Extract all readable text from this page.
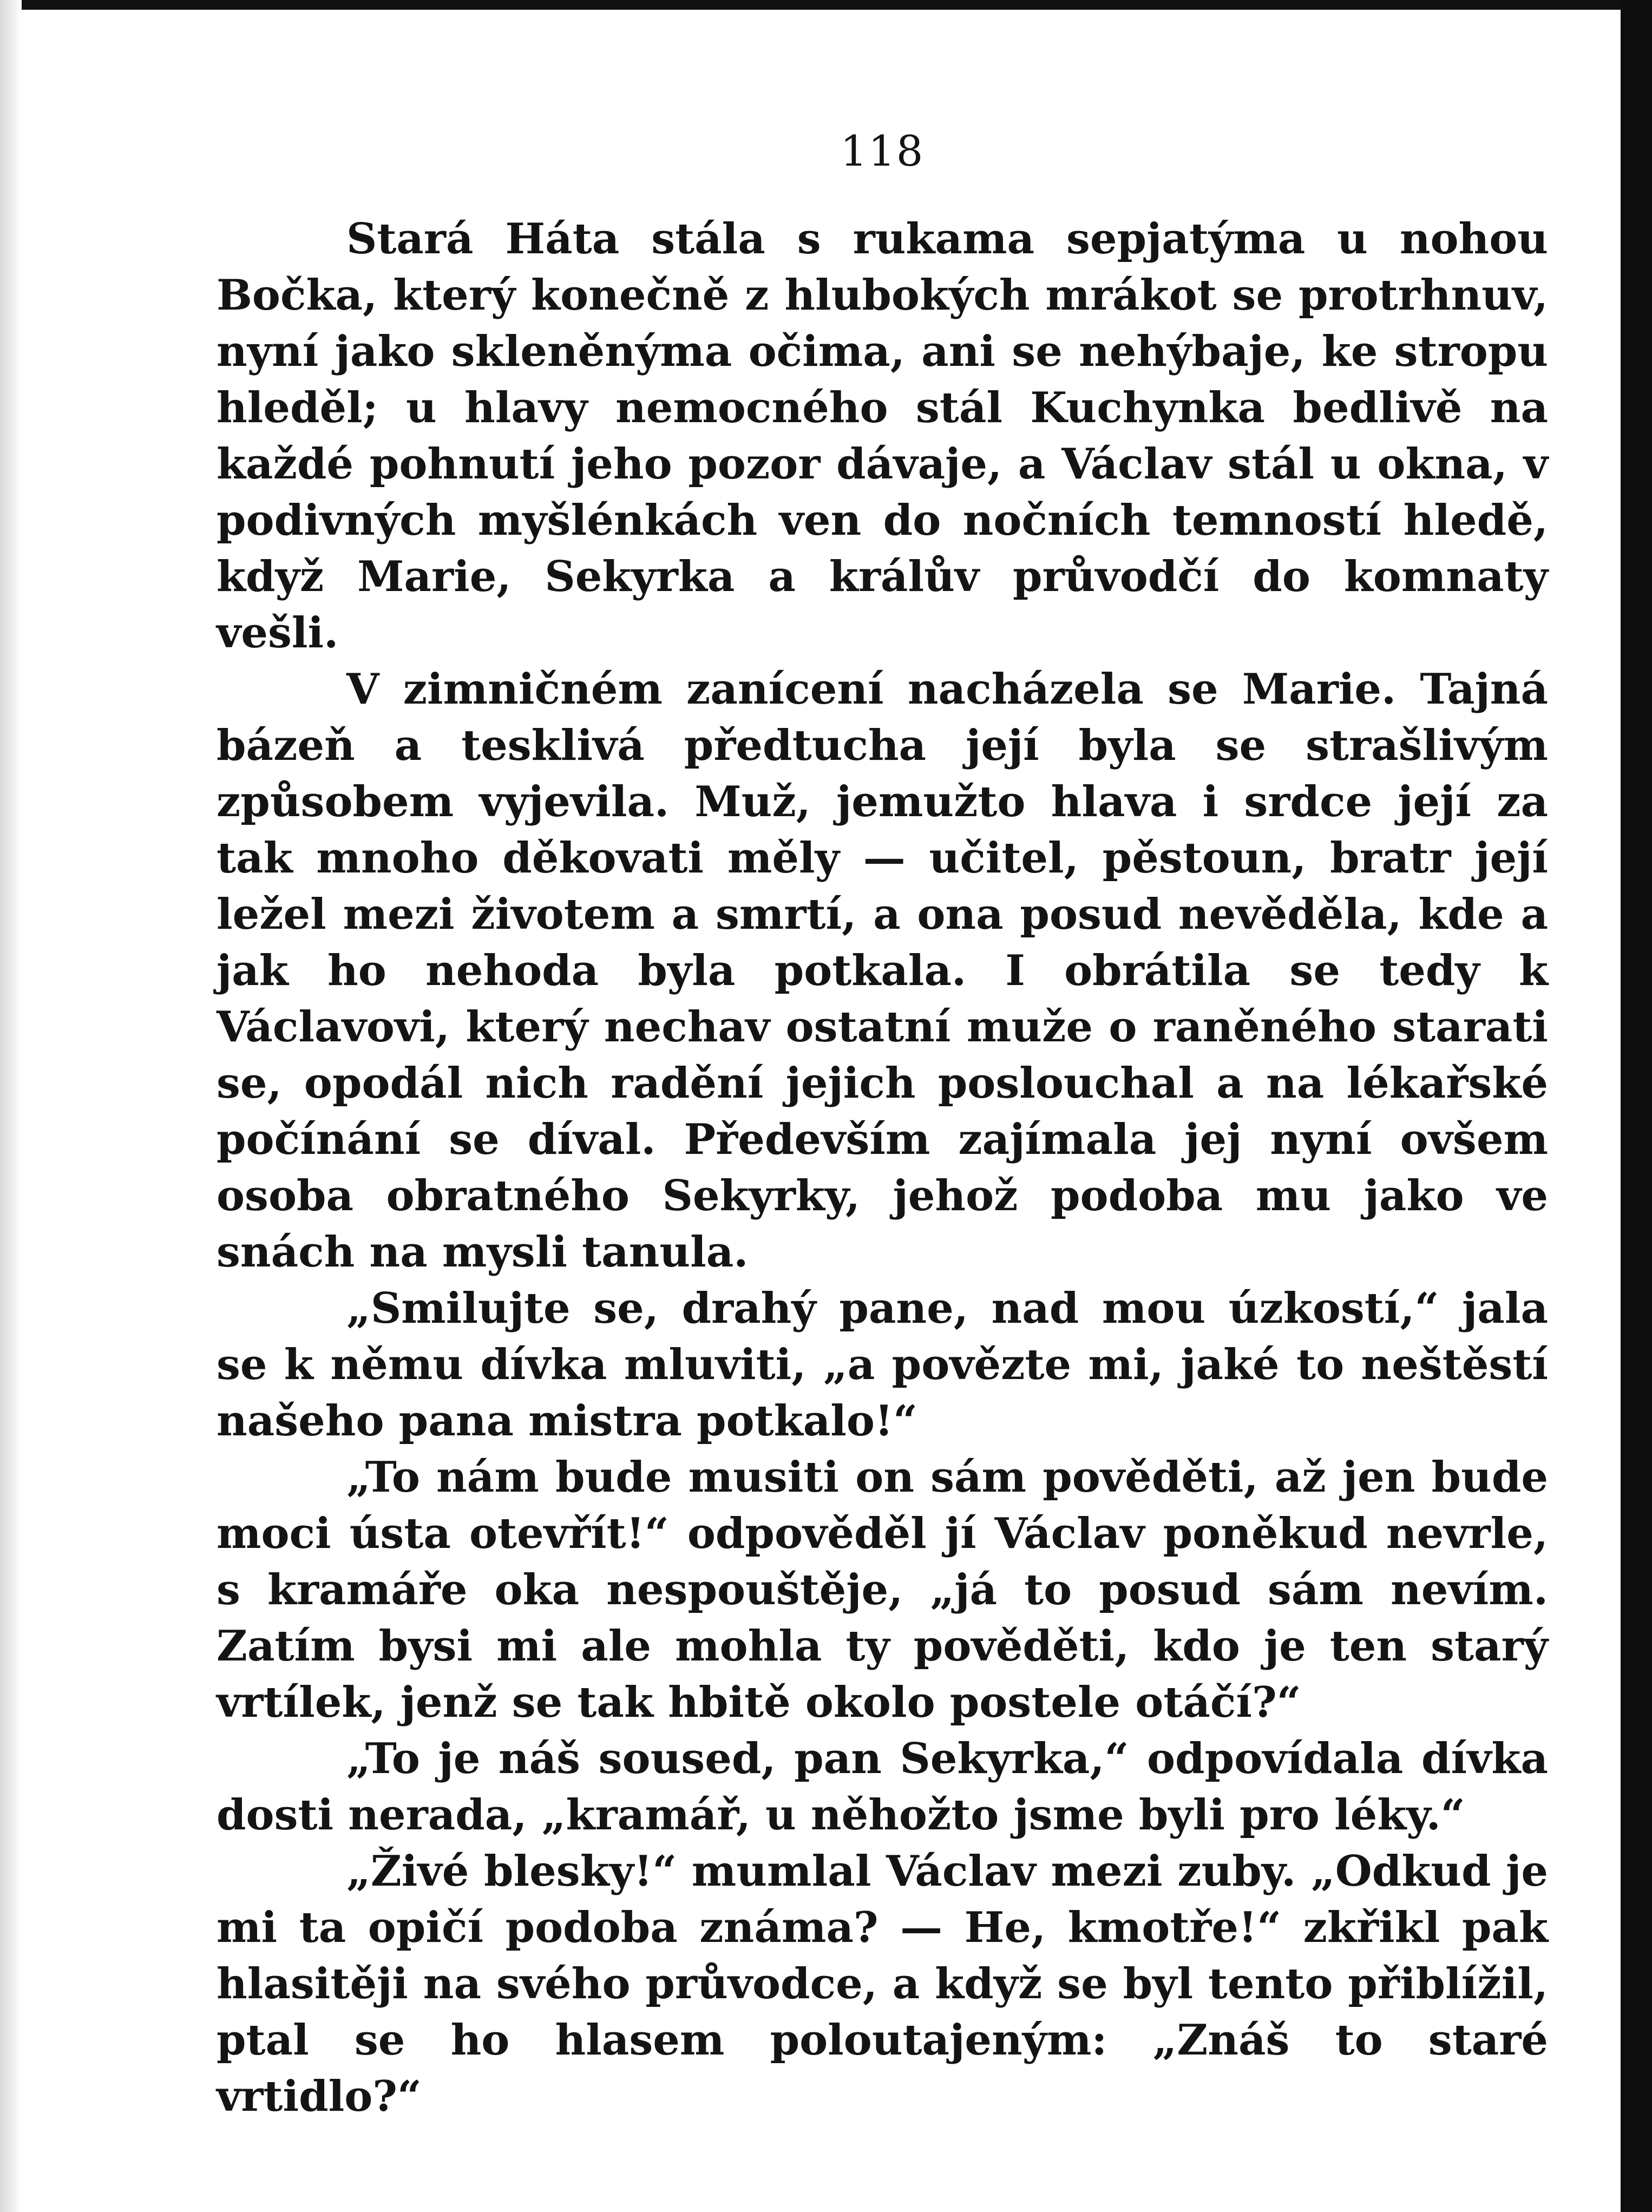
118

Stará Háta stála s rukama sepjatýma u nohou Bočka, který konečně z hlubokých mrákot se protrhnuv, nyní jako skleněnýma očima, ani se nehýbaje, ke stropu hleděl; u hlavy nemocného stál Kuchynka bedlivě na každé pohnutí jeho pozor dávaje, a Václav stál u okna, v podivných myšlénkách ven do nočních temností hledě, když Marie, Sekyrka a králův průvodčí do komnaty vešli.

V zimničném zanícení nacházela se Marie. Tajná bázeň a tesklivá předtucha její byla se strašlivým způsobem vyjevila. Muž, jemužto hlava i srdce její za tak mnoho děkovati měly — učitel, pěstoun, bratr její ležel mezi životem a smrtí, a ona posud nevěděla, kde a jak ho nehoda byla potkala. I obrátila se tedy k Václavovi, který nechav ostatní muže o raněného starati se, opodál nich radění jejich poslouchal a na lékařské počínání se díval. Především zajímala jej nyní ovšem osoba obratného Sekyrky, jehož podoba mu jako ve snách na mysli tanula.

„Smilujte se, drahý pane, nad mou úzkostí,“ jala se k němu dívka mluviti, „a povězte mi, jaké to neštěstí našeho pana mistra potkalo!“

„To nám bude musiti on sám pověděti, až jen bude moci ústa otevřít!“ odpověděl jí Václav poněkud nevrle, s kramáře oka nespouštěje, „já to posud sám nevím. Zatím bysi mi ale mohla ty pověděti, kdo je ten starý vrtílek, jenž se tak hbitě okolo postele otáčí?“

„To je náš soused, pan Sekyrka,“ odpovídala dívka dosti nerada, „kramář, u něhožto jsme byli pro léky.“

„Živé blesky!“ mumlal Václav mezi zuby. „Odkud je mi ta opičí podoba známa? — He, kmotře!“ zkřikl pak hlasitěji na svého průvodce, a když se byl tento přiblížil, ptal se ho hlasem poloutajeným: „Znáš to staré vrtidlo?“
